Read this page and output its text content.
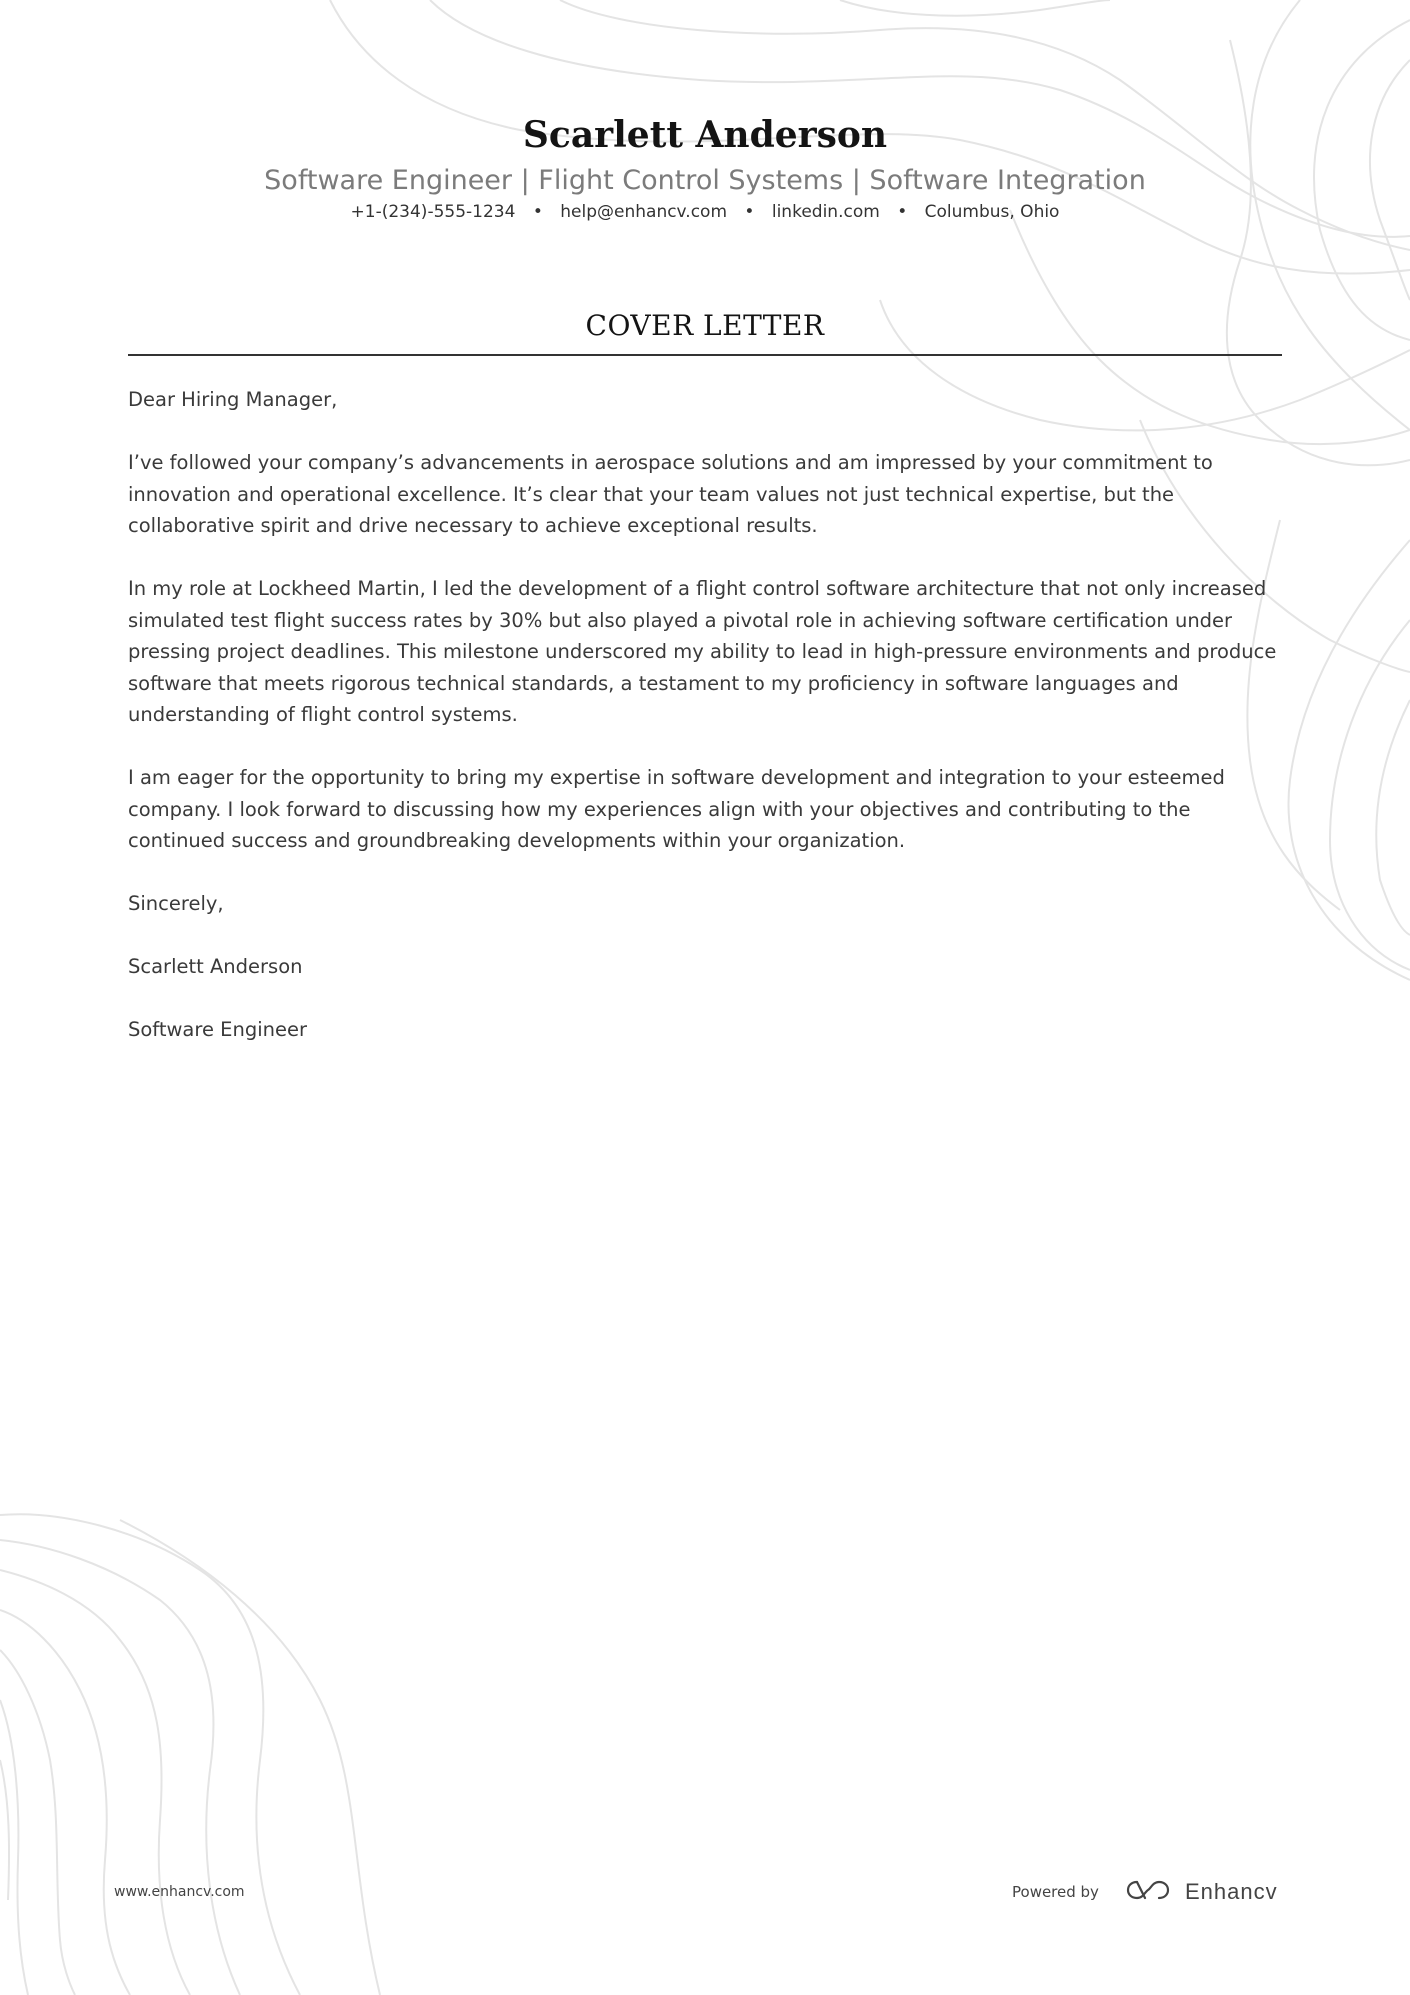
Scarlett Anderson
Software Engineer | Flight Control Systems | Software Integration
+1-(234)-555-1234 • help@enhancv.com • linkedin.com • Columbus, Ohio
COVER LETTER

Dear Hiring Manager,

I’ve followed your company’s advancements in aerospace solutions and am impressed by your commitment to innovation and operational excellence. It’s clear that your team values not just technical expertise, but the collaborative spirit and drive necessary to achieve exceptional results.

In my role at Lockheed Martin, I led the development of a flight control software architecture that not only increased simulated test flight success rates by 30% but also played a pivotal role in achieving software certification under pressing project deadlines. This milestone underscored my ability to lead in high-pressure environments and produce software that meets rigorous technical standards, a testament to my proficiency in software languages and understanding of flight control systems.

I am eager for the opportunity to bring my expertise in software development and integration to your esteemed company. I look forward to discussing how my experiences align with your objectives and contributing to the continued success and groundbreaking developments within your organization.

Sincerely,

Scarlett Anderson

Software Engineer

www.enhancv.com	Powered by	Enhancv
